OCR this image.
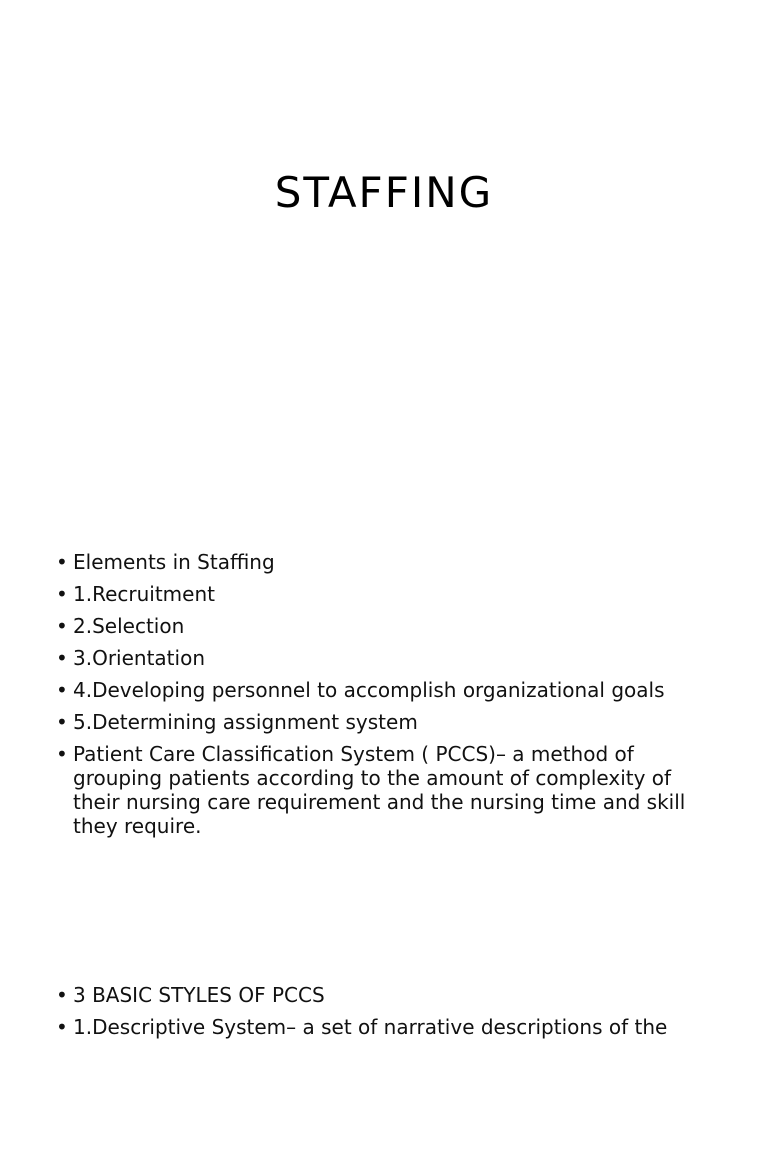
STAFFING
• Elements in Staffing
• 1.Recruitment
• 2.Selection
• 3.Orientation
• 4.Developing personnel to accomplish organizational goals
• 5.Determining assignment system
• Patient Care Classification System ( PCCS)– a method of grouping patients according to the amount of complexity of their nursing care requirement and the nursing time and skill they require.
• 3 BASIC STYLES OF PCCS
• 1.Descriptive System– a set of narrative descriptions of the
